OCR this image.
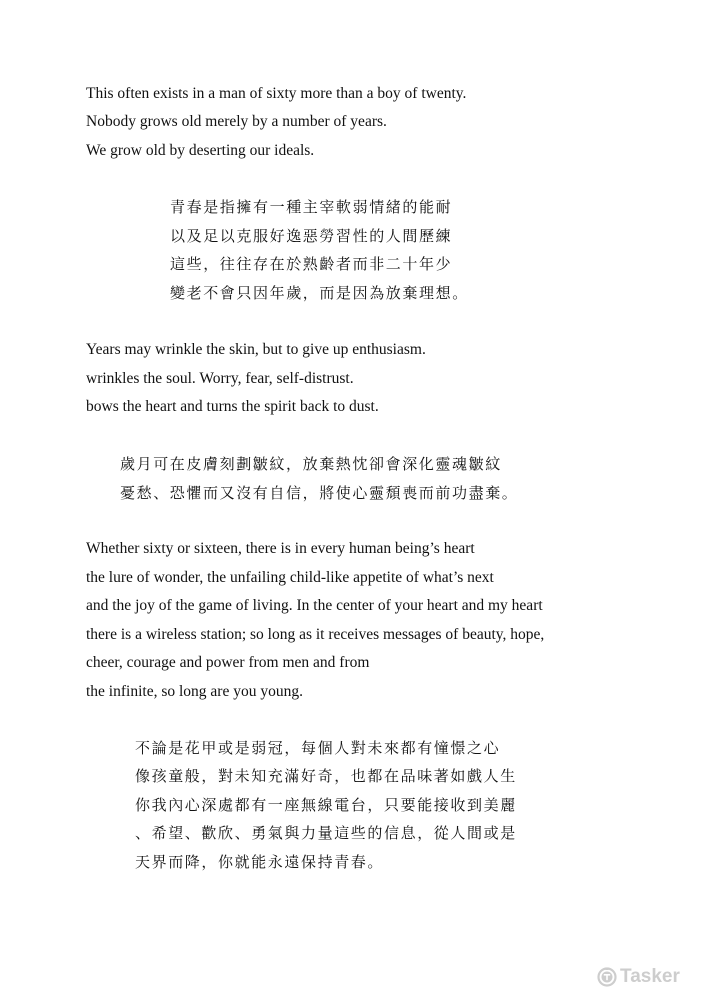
This often exists in a man of sixty more than a boy of twenty.
Nobody grows old merely by a number of years.
We grow old by deserting our ideals.
青春是指擁有一種主宰軟弱情緒的能耐
以及足以克服好逸惡勞習性的人間歷練
這些，往往存在於熟齡者而非二十年少
變老不會只因年歲，而是因為放棄理想。
Years may wrinkle the skin, but to give up enthusiasm.
wrinkles the soul. Worry, fear, self-distrust.
bows the heart and turns the spirit back to dust.
歲月可在皮膚刻劃皺紋，放棄熱忱卻會深化靈魂皺紋
憂愁、恐懼而又沒有自信，將使心靈頹喪而前功盡棄。
Whether sixty or sixteen, there is in every human being’s heart
the lure of wonder, the unfailing child-like appetite of what’s next
and the joy of the game of living. In the center of your heart and my heart
there is a wireless station; so long as it receives messages of beauty, hope,
cheer, courage and power from men and from
the infinite, so long are you young.
不論是花甲或是弱冠，每個人對未來都有憧憬之心
像孩童般，對未知充滿好奇，也都在品味著如戲人生
你我內心深處都有一座無線電台，只要能接收到美麗
、希望、歡欣、勇氣與力量這些的信息，從人間或是
天界而降，你就能永遠保持青春。
Tasker
